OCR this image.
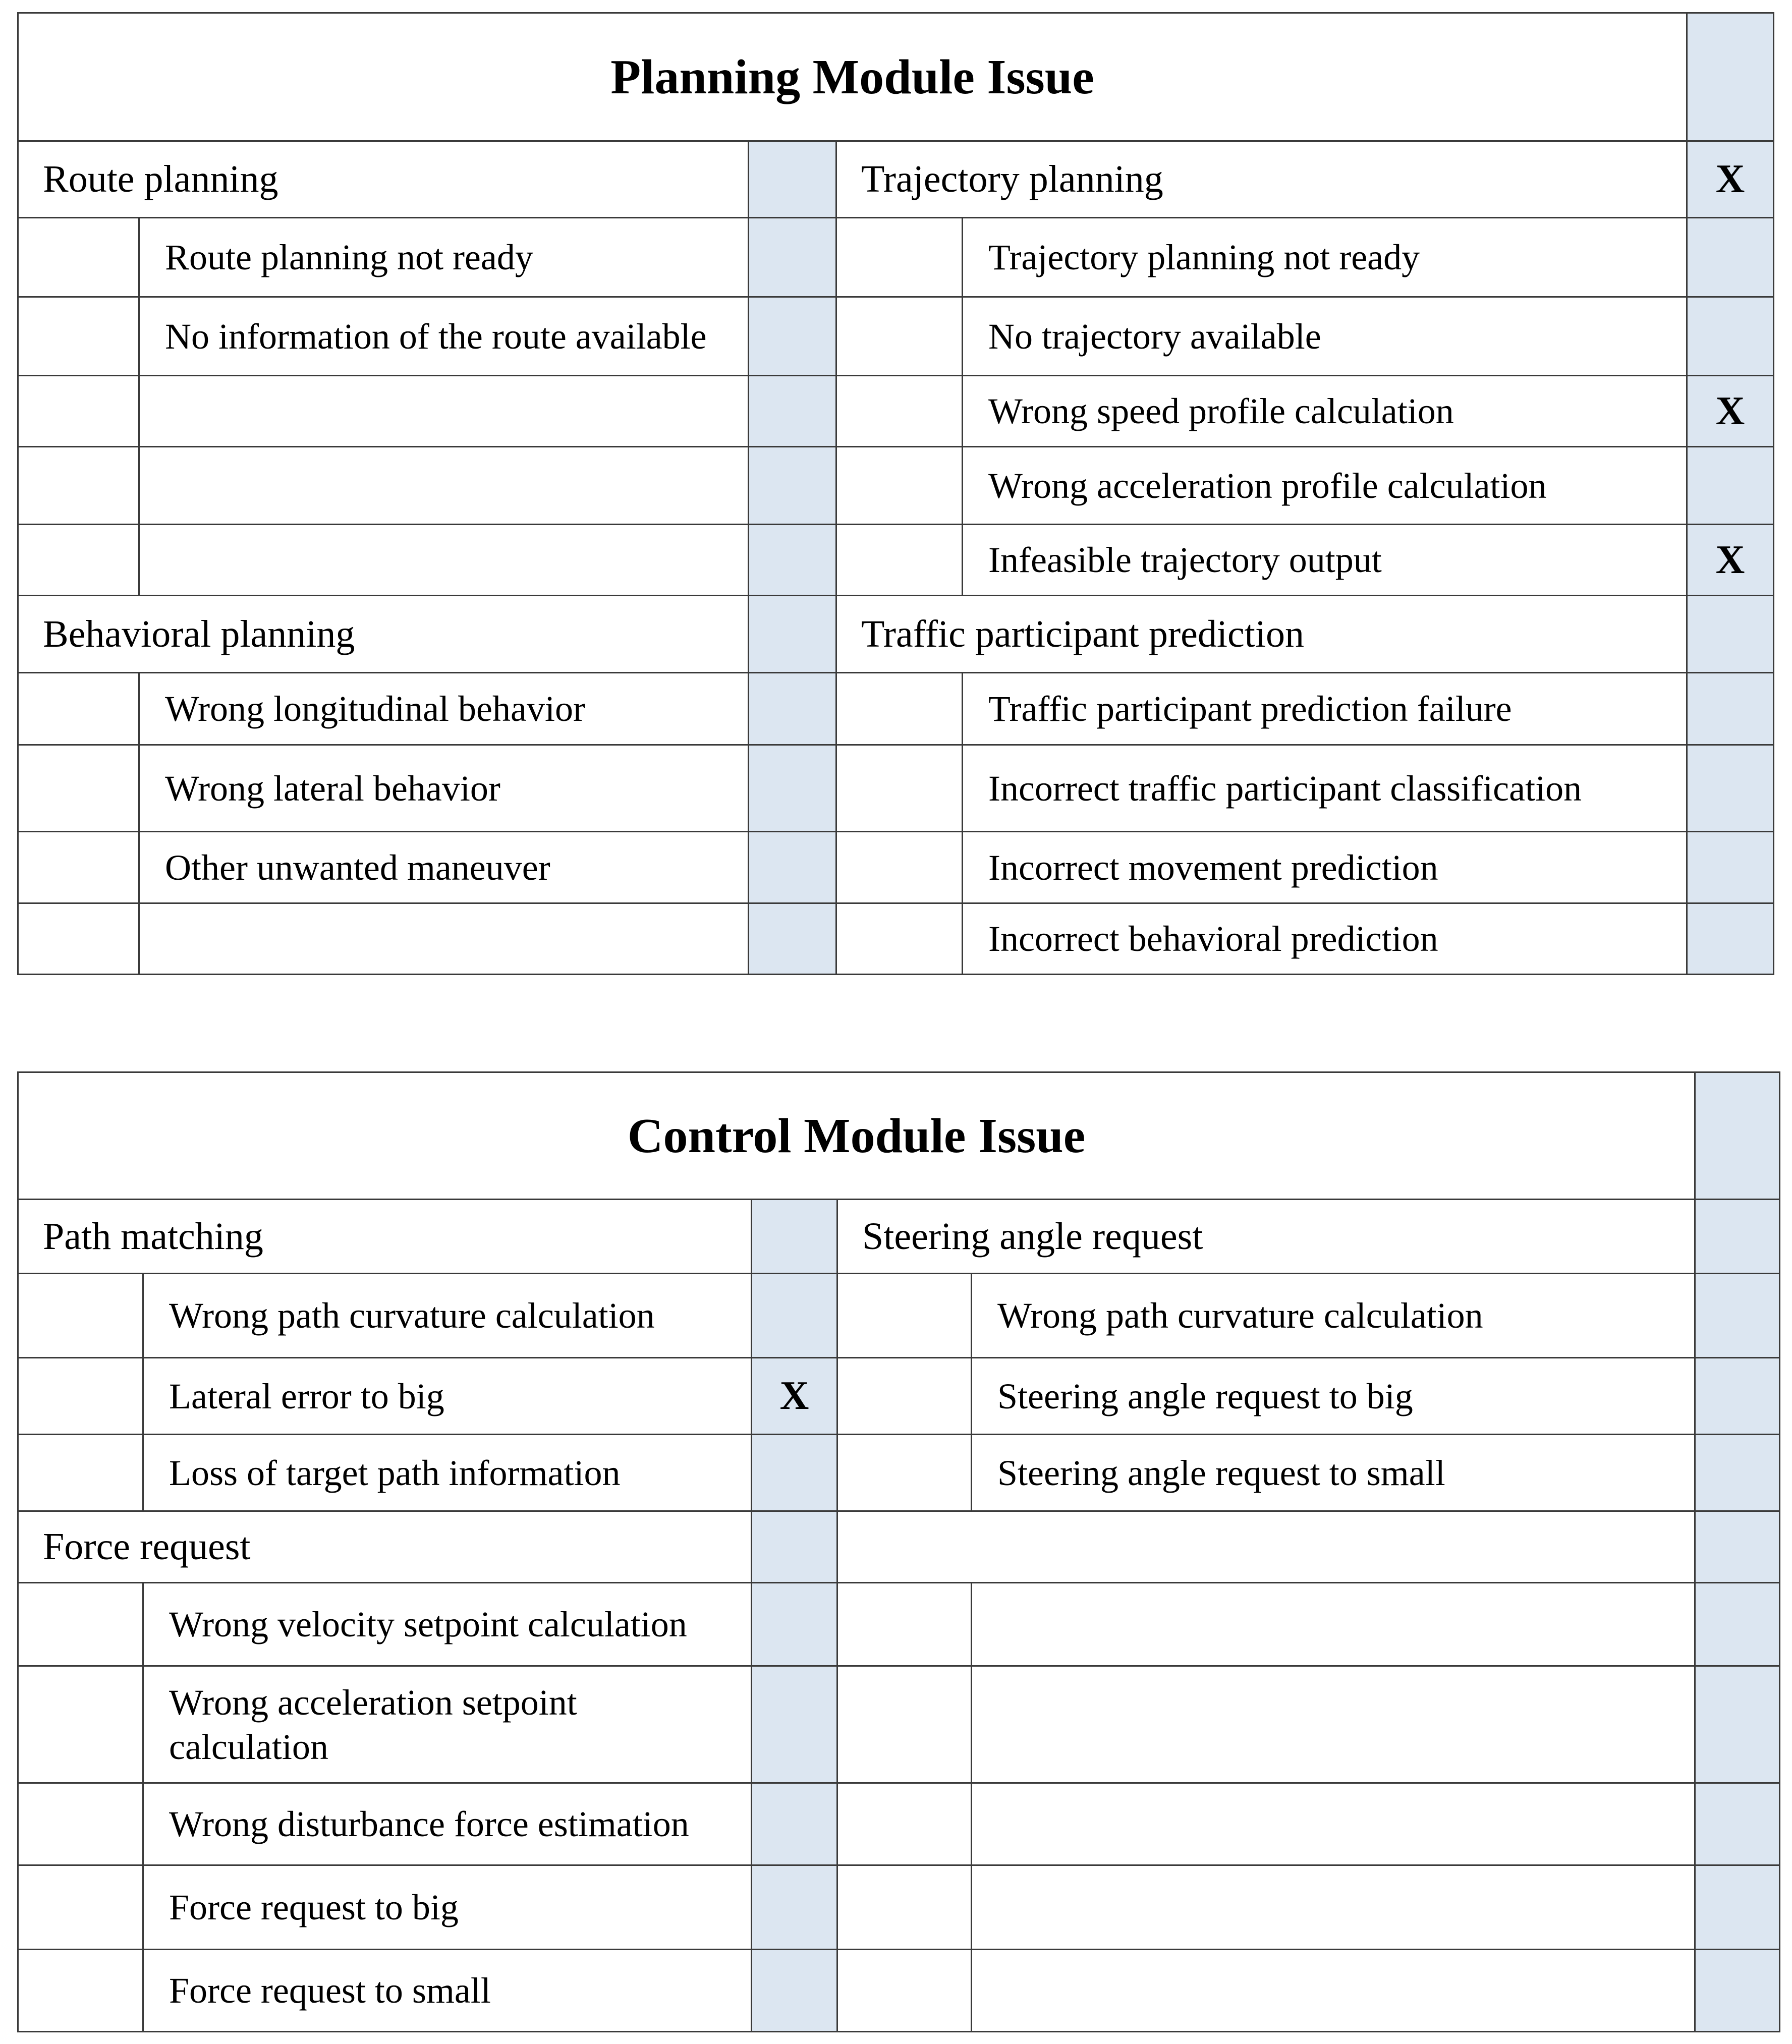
Planning Module Issue					
Route planning			Trajectory planning		X
	Route planning not ready			Trajectory planning not ready	
	No information of the route available			No trajectory available	
				Wrong speed profile calculation	X
				Wrong acceleration profile calculation	
				Infeasible trajectory output	X
Behavioral planning			Traffic participant prediction		
	Wrong longitudinal behavior			Traffic participant prediction failure	
	Wrong lateral behavior			Incorrect traffic participant classification	
	Other unwanted maneuver			Incorrect movement prediction	
				Incorrect behavioral prediction	
Control Module Issue					
Path matching			Steering angle request		
	Wrong path curvature calculation			Wrong path curvature calculation	
	Lateral error to big	X		Steering angle request to big	
	Loss of target path information			Steering angle request to small	
Force request					
	Wrong velocity setpoint calculation				
	Wrong acceleration setpoint calculation				
	Wrong disturbance force estimation				
	Force request to big				
	Force request to small				
